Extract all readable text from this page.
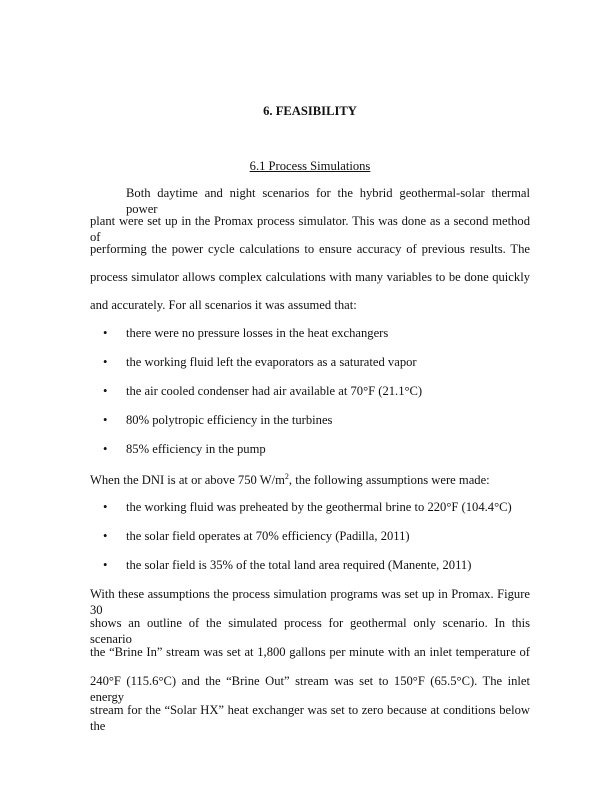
6. FEASIBILITY
6.1 Process Simulations
Both daytime and night scenarios for the hybrid geothermal-solar thermal power
plant were set up in the Promax process simulator. This was done as a second method of
performing the power cycle calculations to ensure accuracy of previous results. The
process simulator allows complex calculations with many variables to be done quickly
and accurately. For all scenarios it was assumed that:
• there were no pressure losses in the heat exchangers
• the working fluid left the evaporators as a saturated vapor
• the air cooled condenser had air available at 70°F (21.1°C)
• 80% polytropic efficiency in the turbines
• 85% efficiency in the pump
When the DNI is at or above 750 $W/m^2$, the following assumptions were made:
• the working fluid was preheated by the geothermal brine to 220°F (104.4°C)
• the solar field operates at 70% efficiency (Padilla, 2011)
• the solar field is 35% of the total land area required (Manente, 2011)
With these assumptions the process simulation programs was set up in Promax. Figure 30
shows an outline of the simulated process for geothermal only scenario. In this scenario
the “Brine In” stream was set at 1,800 gallons per minute with an inlet temperature of
240°F (115.6°C) and the “Brine Out” stream was set to 150°F (65.5°C). The inlet energy
stream for the “Solar HX” heat exchanger was set to zero because at conditions below the
